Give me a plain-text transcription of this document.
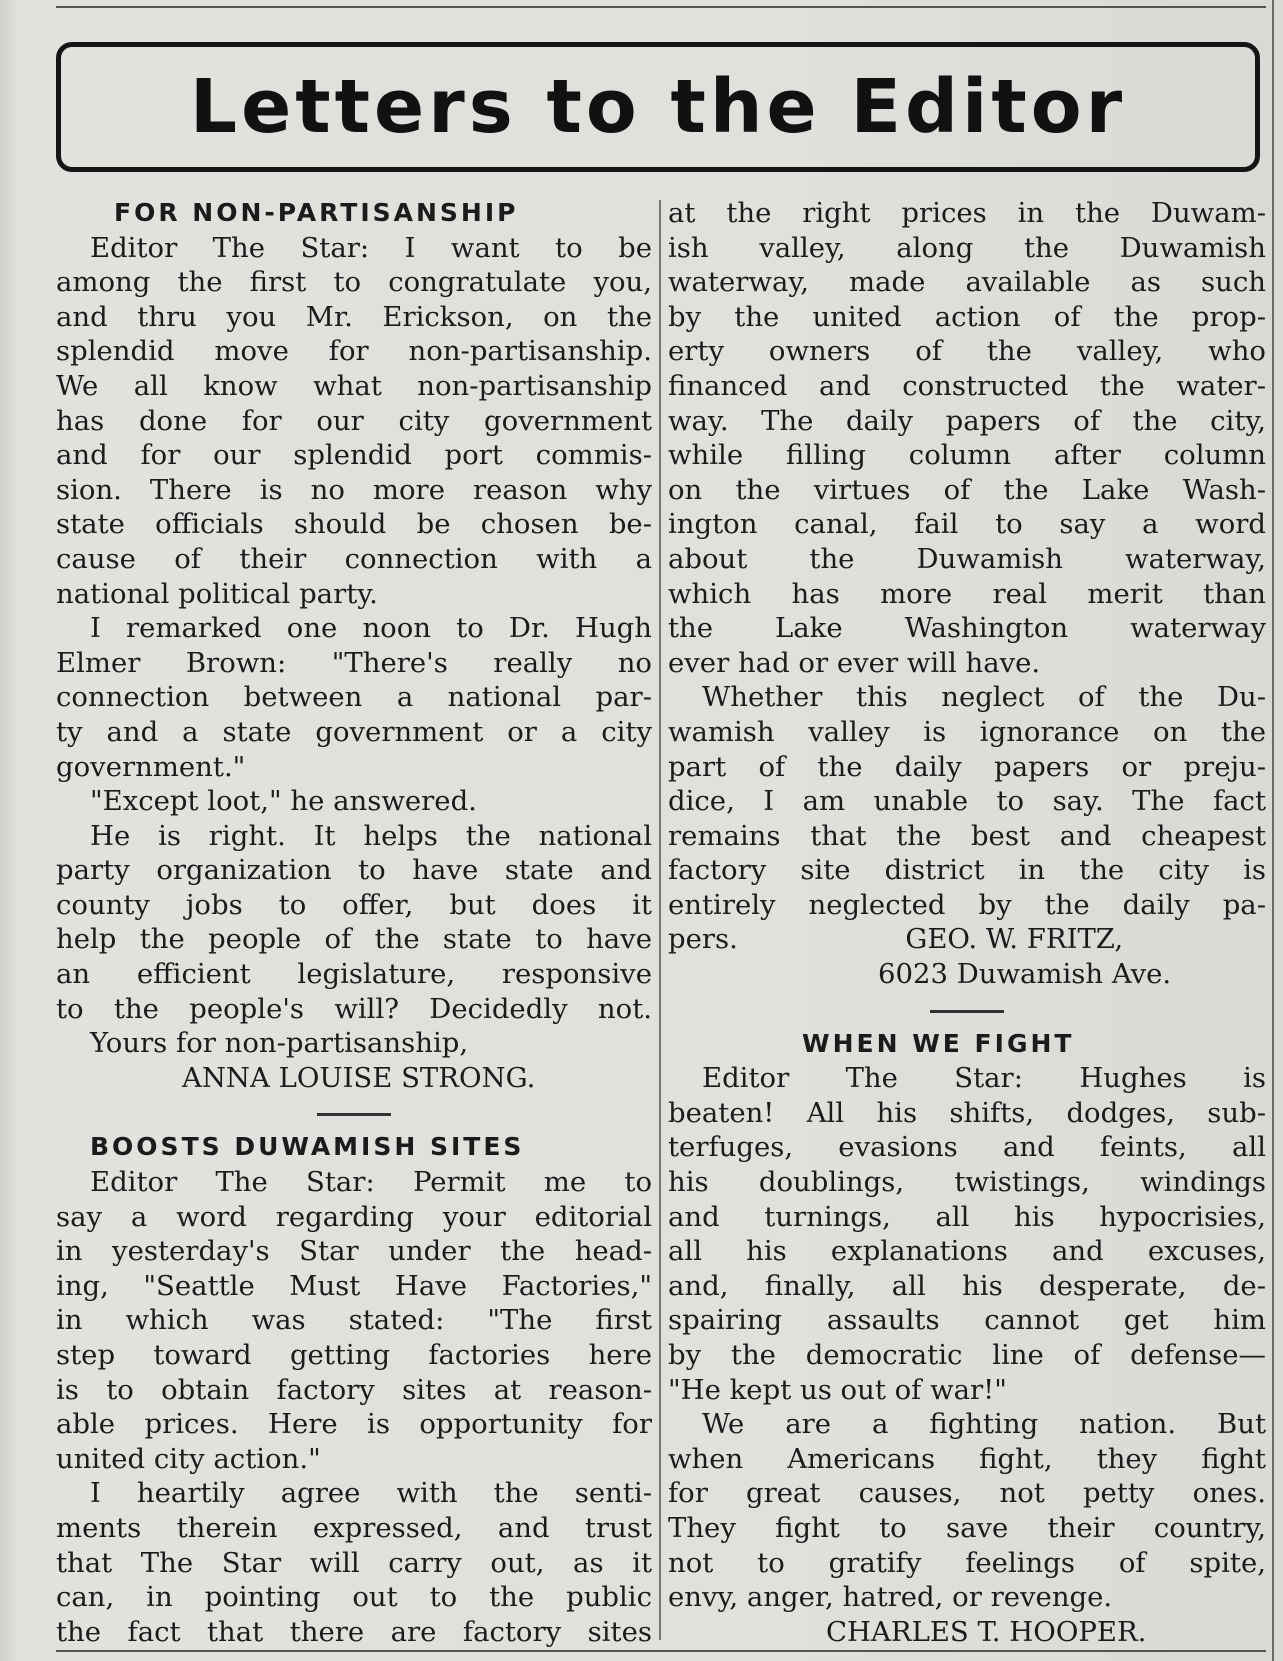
Letters to the Editor
FOR NON-PARTISANSHIP
Editor The Star: I want to be
among the first to congratulate you,
and thru you Mr. Erickson, on the
splendid move for non-partisanship.
We all know what non-partisanship
has done for our city government
and for our splendid port commis-
sion. There is no more reason why
state officials should be chosen be-
cause of their connection with a
national political party.
I remarked one noon to Dr. Hugh
Elmer Brown: "There's really no
connection between a national par-
ty and a state government or a city
government."
"Except loot," he answered.
He is right. It helps the national
party organization to have state and
county jobs to offer, but does it
help the people of the state to have
an efficient legislature, responsive
to the people's will? Decidedly not.
Yours for non-partisanship,
ANNA LOUISE STRONG.
BOOSTS DUWAMISH SITES
Editor The Star: Permit me to
say a word regarding your editorial
in yesterday's Star under the head-
ing, "Seattle Must Have Factories,"
in which was stated: "The first
step toward getting factories here
is to obtain factory sites at reason-
able prices. Here is opportunity for
united city action."
I heartily agree with the senti-
ments therein expressed, and trust
that The Star will carry out, as it
can, in pointing out to the public
the fact that there are factory sites
at the right prices in the Duwam-
ish valley, along the Duwamish
waterway, made available as such
by the united action of the prop-
erty owners of the valley, who
financed and constructed the water-
way. The daily papers of the city,
while filling column after column
on the virtues of the Lake Wash-
ington canal, fail to say a word
about the Duwamish waterway,
which has more real merit than
the Lake Washington waterway
ever had or ever will have.
Whether this neglect of the Du-
wamish valley is ignorance on the
part of the daily papers or preju-
dice, I am unable to say. The fact
remains that the best and cheapest
factory site district in the city is
entirely neglected by the daily pa-
pers.	GEO. W. FRITZ,
6023 Duwamish Ave.
WHEN WE FIGHT
Editor The Star: Hughes is
beaten! All his shifts, dodges, sub-
terfuges, evasions and feints, all
his doublings, twistings, windings
and turnings, all his hypocrisies,
all his explanations and excuses,
and, finally, all his desperate, de-
spairing assaults cannot get him
by the democratic line of defense—
"He kept us out of war!"
We are a fighting nation. But
when Americans fight, they fight
for great causes, not petty ones.
They fight to save their country,
not to gratify feelings of spite,
envy, anger, hatred, or revenge.
CHARLES T. HOOPER.
